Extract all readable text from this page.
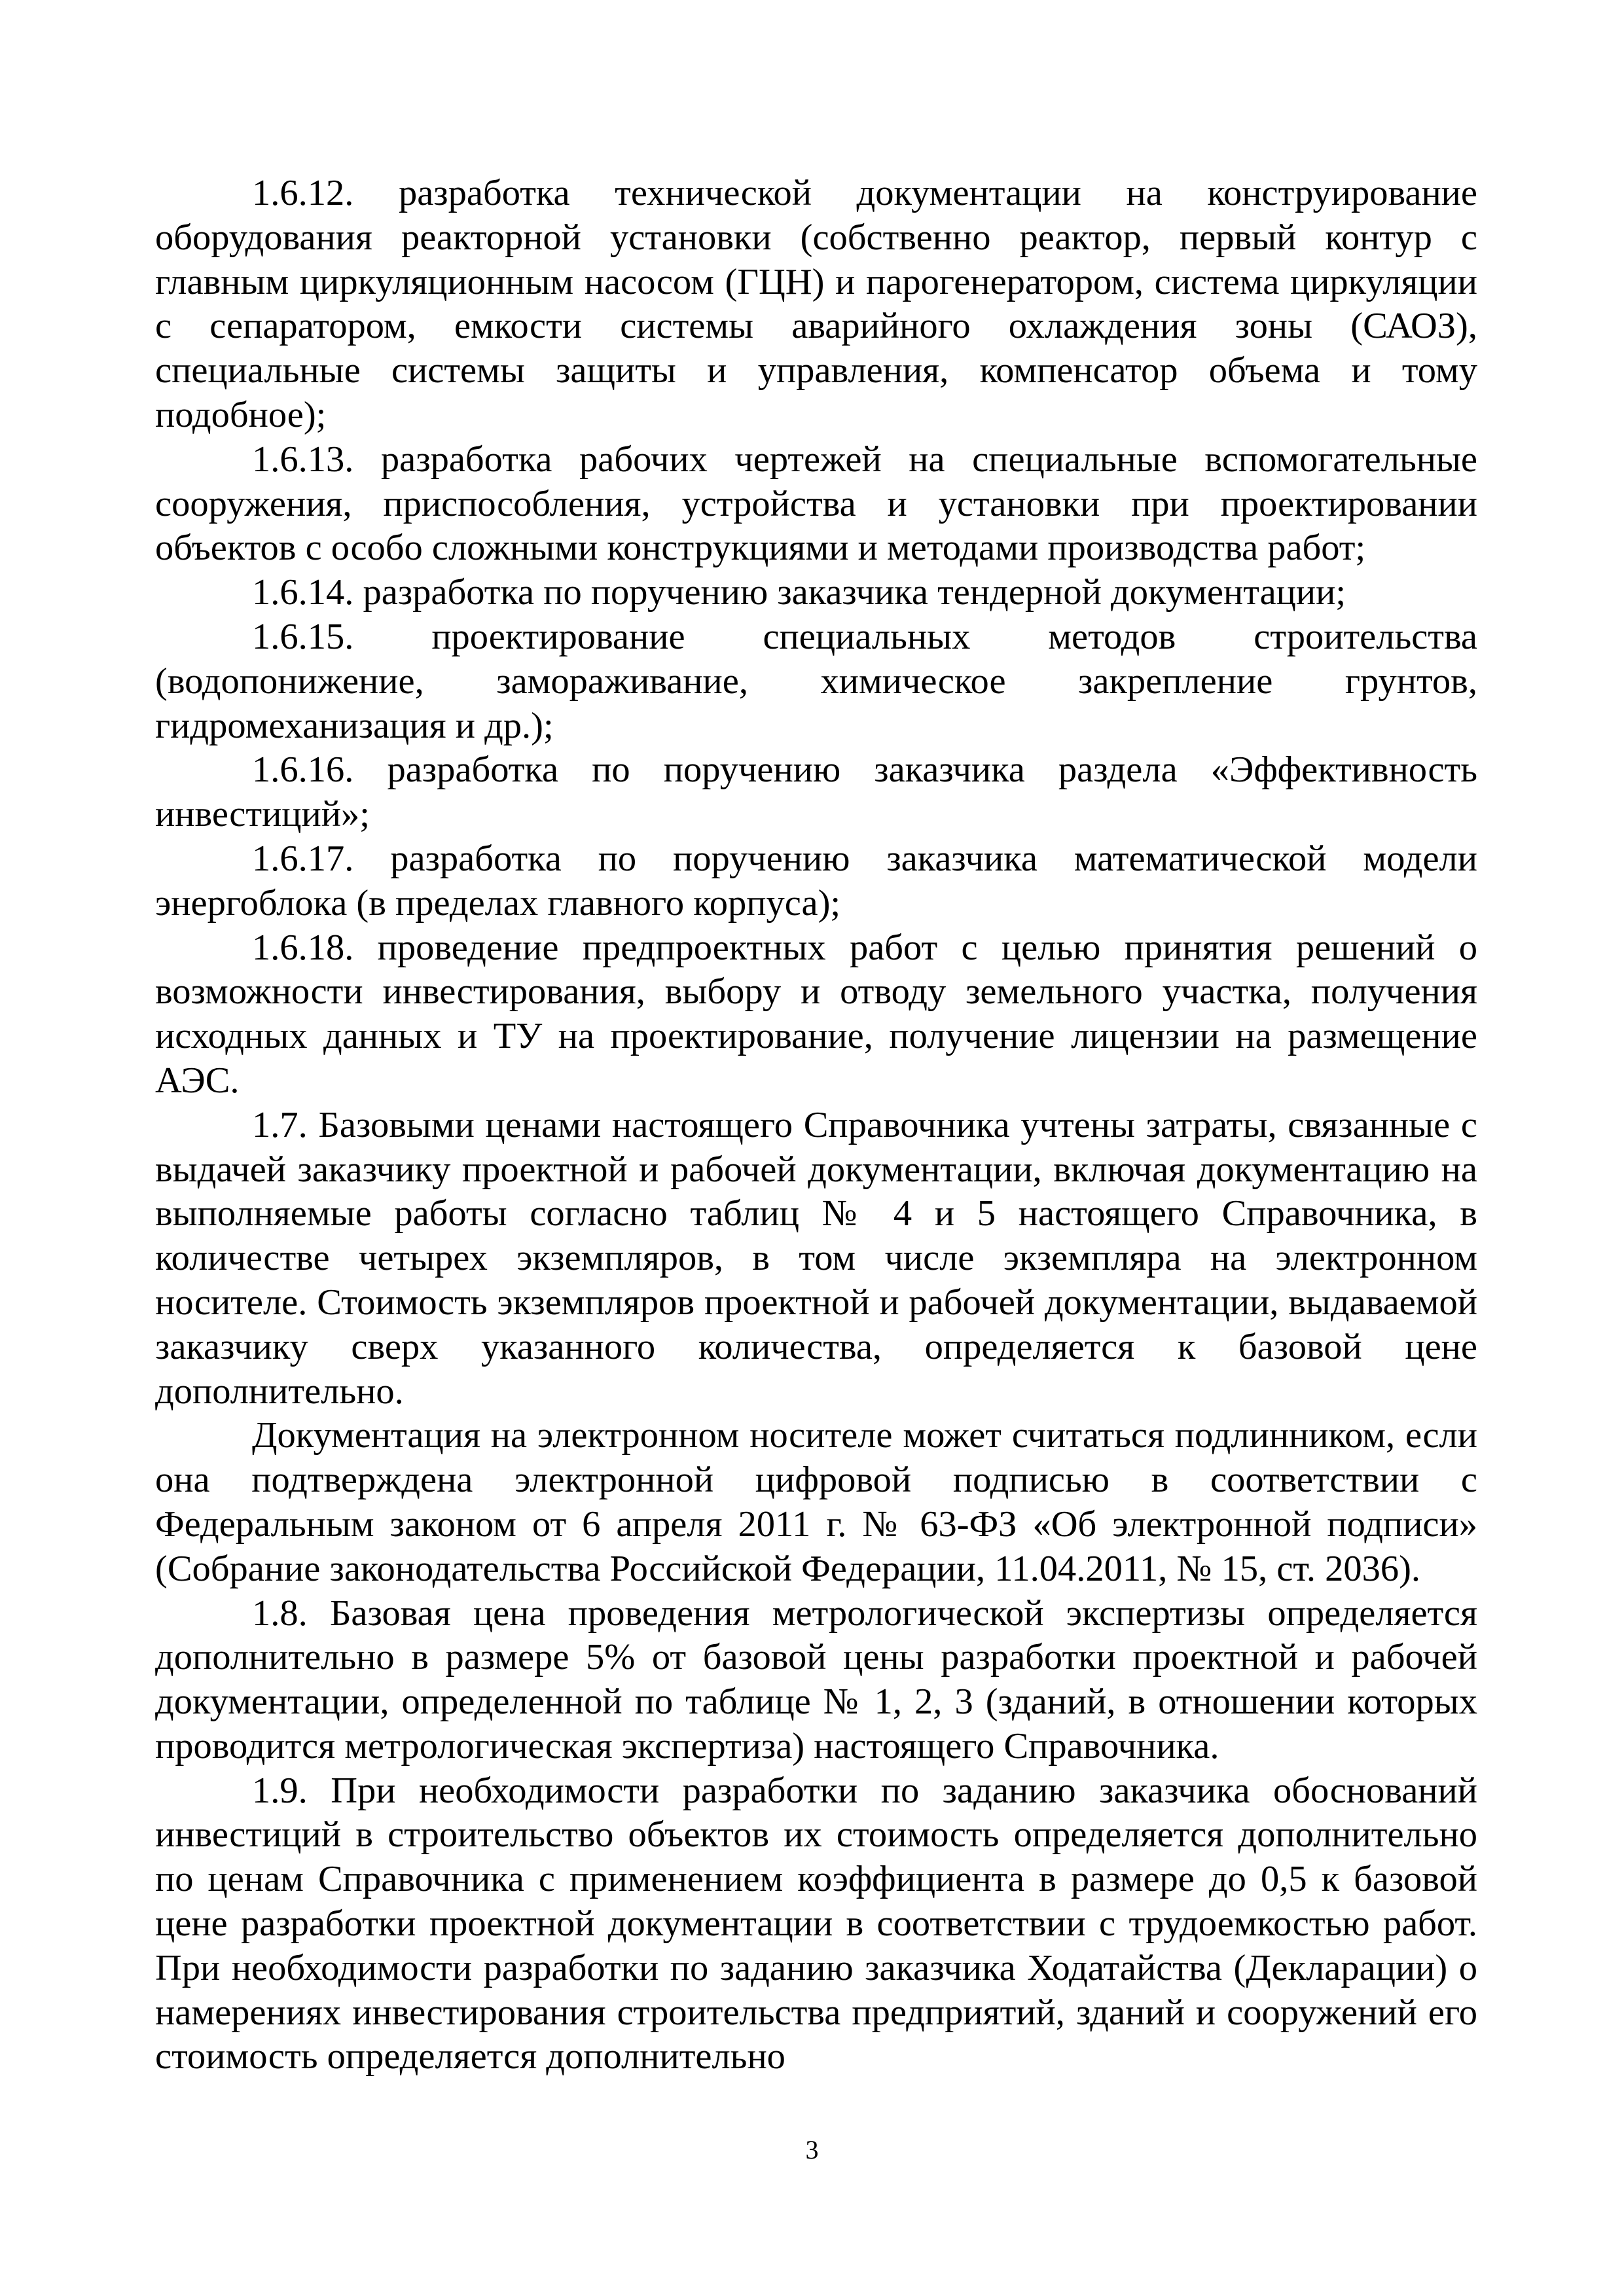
1.6.12. разработка технической документации на конструирование оборудования реакторной установки (собственно реактор, первый контур с главным циркуляционным насосом (ГЦН) и парогенератором, система циркуляции с сепаратором, емкости системы аварийного охлаждения зоны (САОЗ), специальные системы защиты и управления, компенсатор объема и тому подобное);

1.6.13. разработка рабочих чертежей на специальные вспомогательные сооружения, приспособления, устройства и установки при проектировании объектов с особо сложными конструкциями и методами производства работ;

1.6.14. разработка по поручению заказчика тендерной документации;

1.6.15. проектирование специальных методов строительства (водопонижение, замораживание, химическое закрепление грунтов, гидромеханизация и др.);

1.6.16. разработка по поручению заказчика раздела «Эффективность инвестиций»;

1.6.17. разработка по поручению заказчика математической модели энергоблока (в пределах главного корпуса);

1.6.18. проведение предпроектных работ с целью принятия решений о возможности инвестирования, выбору и отводу земельного участка, получения исходных данных и ТУ на проектирование, получение лицензии на размещение АЭС.

1.7. Базовыми ценами настоящего Справочника учтены затраты, связанные с выдачей заказчику проектной и рабочей документации, включая документацию на выполняемые работы согласно таблиц № 4 и 5 настоящего Справочника, в количестве четырех экземпляров, в том числе экземпляра на электронном носителе. Стоимость экземпляров проектной и рабочей документации, выдаваемой заказчику сверх указанного количества, определяется к базовой цене дополнительно.

Документация на электронном носителе может считаться подлинником, если она подтверждена электронной цифровой подписью в соответствии с Федеральным законом от 6 апреля 2011 г. № 63-ФЗ «Об электронной подписи» (Собрание законодательства Российской Федерации, 11.04.2011, № 15, ст. 2036).

1.8. Базовая цена проведения метрологической экспертизы определяется дополнительно в размере 5% от базовой цены разработки проектной и рабочей документации, определенной по таблице № 1, 2, 3 (зданий, в отношении которых проводится метрологическая экспертиза) настоящего Справочника.

1.9. При необходимости разработки по заданию заказчика обоснований инвестиций в строительство объектов их стоимость определяется дополнительно по ценам Справочника с применением коэффициента в размере до 0,5 к базовой цене разработки проектной документации в соответствии с трудоемкостью работ. При необходимости разработки по заданию заказчика Ходатайства (Декларации) о намерениях инвестирования строительства предприятий, зданий и сооружений его стоимость определяется дополнительно

3
